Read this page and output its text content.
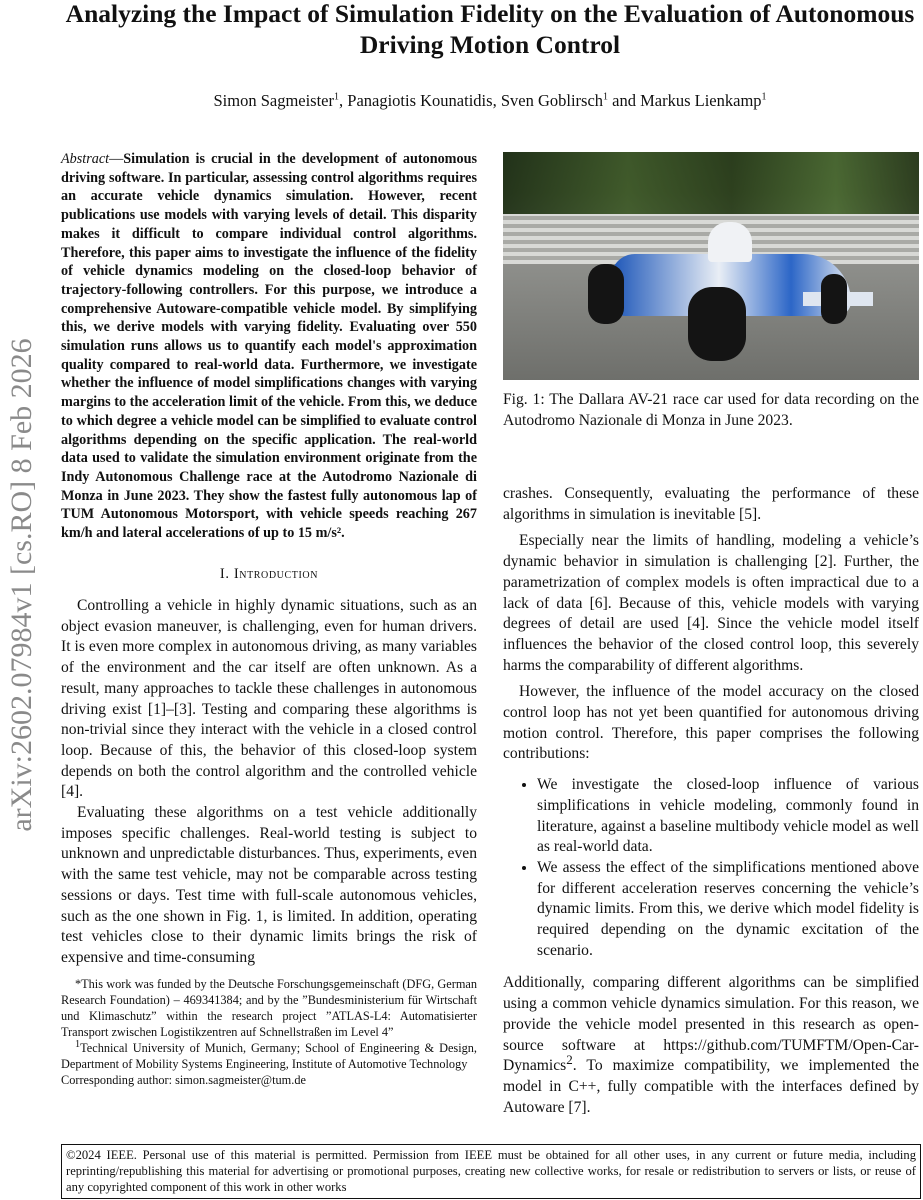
Analyzing the Impact of Simulation Fidelity on the Evaluation of Autonomous Driving Motion Control
Simon Sagmeister$^1$, Panagiotis Kounatidis, Sven Goblirsch$^1$ and Markus Lienkamp$^1$
arXiv:2602.07984v1 [cs.RO] 8 Feb 2026
Abstract—Simulation is crucial in the development of autonomous driving software. In particular, assessing control algorithms requires an accurate vehicle dynamics simulation. However, recent publications use models with varying levels of detail. This disparity makes it difficult to compare individual control algorithms. Therefore, this paper aims to investigate the influence of the fidelity of vehicle dynamics modeling on the closed-loop behavior of trajectory-following controllers. For this purpose, we introduce a comprehensive Autoware-compatible vehicle model. By simplifying this, we derive models with varying fidelity. Evaluating over 550 simulation runs allows us to quantify each model's approximation quality compared to real-world data. Furthermore, we investigate whether the influence of model simplifications changes with varying margins to the acceleration limit of the vehicle. From this, we deduce to which degree a vehicle model can be simplified to evaluate control algorithms depending on the specific application. The real-world data used to validate the simulation environment originate from the Indy Autonomous Challenge race at the Autodromo Nazionale di Monza in June 2023. They show the fastest fully autonomous lap of TUM Autonomous Motorsport, with vehicle speeds reaching 267 km/h and lateral accelerations of up to 15 m/s².
I. Introduction

Controlling a vehicle in highly dynamic situations, such as an object evasion maneuver, is challenging, even for human drivers. It is even more complex in autonomous driving, as many variables of the environment and the car itself are often unknown. As a result, many approaches to tackle these challenges in autonomous driving exist [1]–[3]. Testing and comparing these algorithms is non-trivial since they interact with the vehicle in a closed control loop. Because of this, the behavior of this closed-loop system depends on both the control algorithm and the controlled vehicle [4].

Evaluating these algorithms on a test vehicle additionally imposes specific challenges. Real-world testing is subject to unknown and unpredictable disturbances. Thus, experiments, even with the same test vehicle, may not be comparable across testing sessions or days. Test time with full-scale autonomous vehicles, such as the one shown in Fig. 1, is limited. In addition, operating test vehicles close to their dynamic limits brings the risk of expensive and time-consuming

*This work was funded by the Deutsche Forschungsgemeinschaft (DFG, German Research Foundation) – 469341384; and by the ”Bundesministerium für Wirtschaft und Klimaschutz” within the research project ”ATLAS-L4: Automatisierter Transport zwischen Logistikzentren auf Schnellstraßen im Level 4”

$^1$Technical University of Munich, Germany; School of Engineering & Design, Department of Mobility Systems Engineering, Institute of Automotive Technology

Corresponding author: simon.sagmeister@tum.de

Fig. 1: The Dallara AV-21 race car used for data recording on the Autodromo Nazionale di Monza in June 2023.

crashes. Consequently, evaluating the performance of these algorithms in simulation is inevitable [5].

Especially near the limits of handling, modeling a vehicle’s dynamic behavior in simulation is challenging [2]. Further, the parametrization of complex models is often impractical due to a lack of data [6]. Because of this, vehicle models with varying degrees of detail are used [4]. Since the vehicle model itself influences the behavior of the closed control loop, this severely harms the comparability of different algorithms.

However, the influence of the model accuracy on the closed control loop has not yet been quantified for autonomous driving motion control. Therefore, this paper comprises the following contributions:

• We investigate the closed-loop influence of various simplifications in vehicle modeling, commonly found in literature, against a baseline multibody vehicle model as well as real-world data.
• We assess the effect of the simplifications mentioned above for different acceleration reserves concerning the vehicle’s dynamic limits. From this, we derive which model fidelity is required depending on the dynamic excitation of the scenario.

Additionally, comparing different algorithms can be simplified using a common vehicle dynamics simulation. For this reason, we provide the vehicle model presented in this research as open-source software at https://github.com/TUMFTM/Open-Car-Dynamics$^2$. To maximize compatibility, we implemented the model in C++, fully compatible with the interfaces defined by Autoware [7].

©2024 IEEE. Personal use of this material is permitted. Permission from IEEE must be obtained for all other uses, in any current or future media, including reprinting/republishing this material for advertising or promotional purposes, creating new collective works, for resale or redistribution to servers or lists, or reuse of any copyrighted component of this work in other works
